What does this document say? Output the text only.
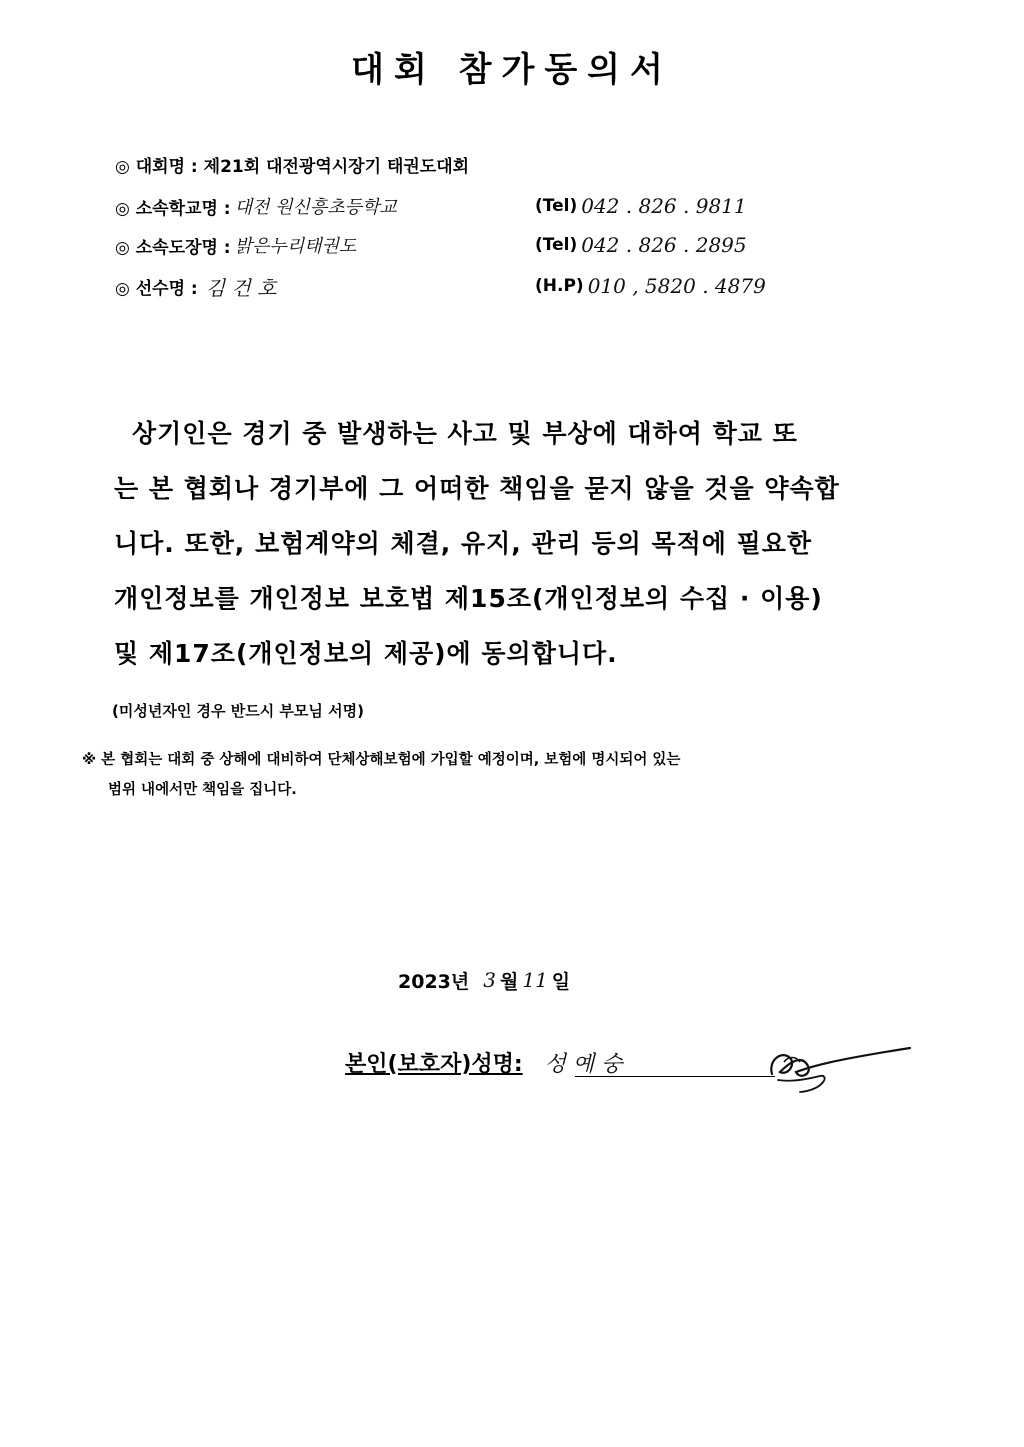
대회 참가동의서
◎ 대회명 : 제21회 대전광역시장기 태권도대회
◎ 소속학교명 : 대전 원신흥초등학교
◎ 소속도장명 : 밝은누리태권도
◎ 선수명 : 김 건 호
(Tel) 042 . 826 . 9811
(Tel) 042 . 826 . 2895
(H.P) 010 , 5820 . 4879
상기인은 경기 중 발생하는 사고 및 부상에 대하여 학교 또
는 본 협회나 경기부에 그 어떠한 책임을 묻지 않을 것을 약속합
니다. 또한, 보험계약의 체결, 유지, 관리 등의 목적에 필요한
개인정보를 개인정보 보호법 제15조(개인정보의 수집 · 이용)
및 제17조(개인정보의 제공)에 동의합니다.
(미성년자인 경우 반드시 부모님 서명)
※ 본 협회는 대회 중 상해에 대비하여 단체상해보험에 가입할 예정이며, 보험에 명시되어 있는
범위 내에서만 책임을 집니다.
2023년 3 월 11 일
본인(보호자)성명: 성 예 숭
